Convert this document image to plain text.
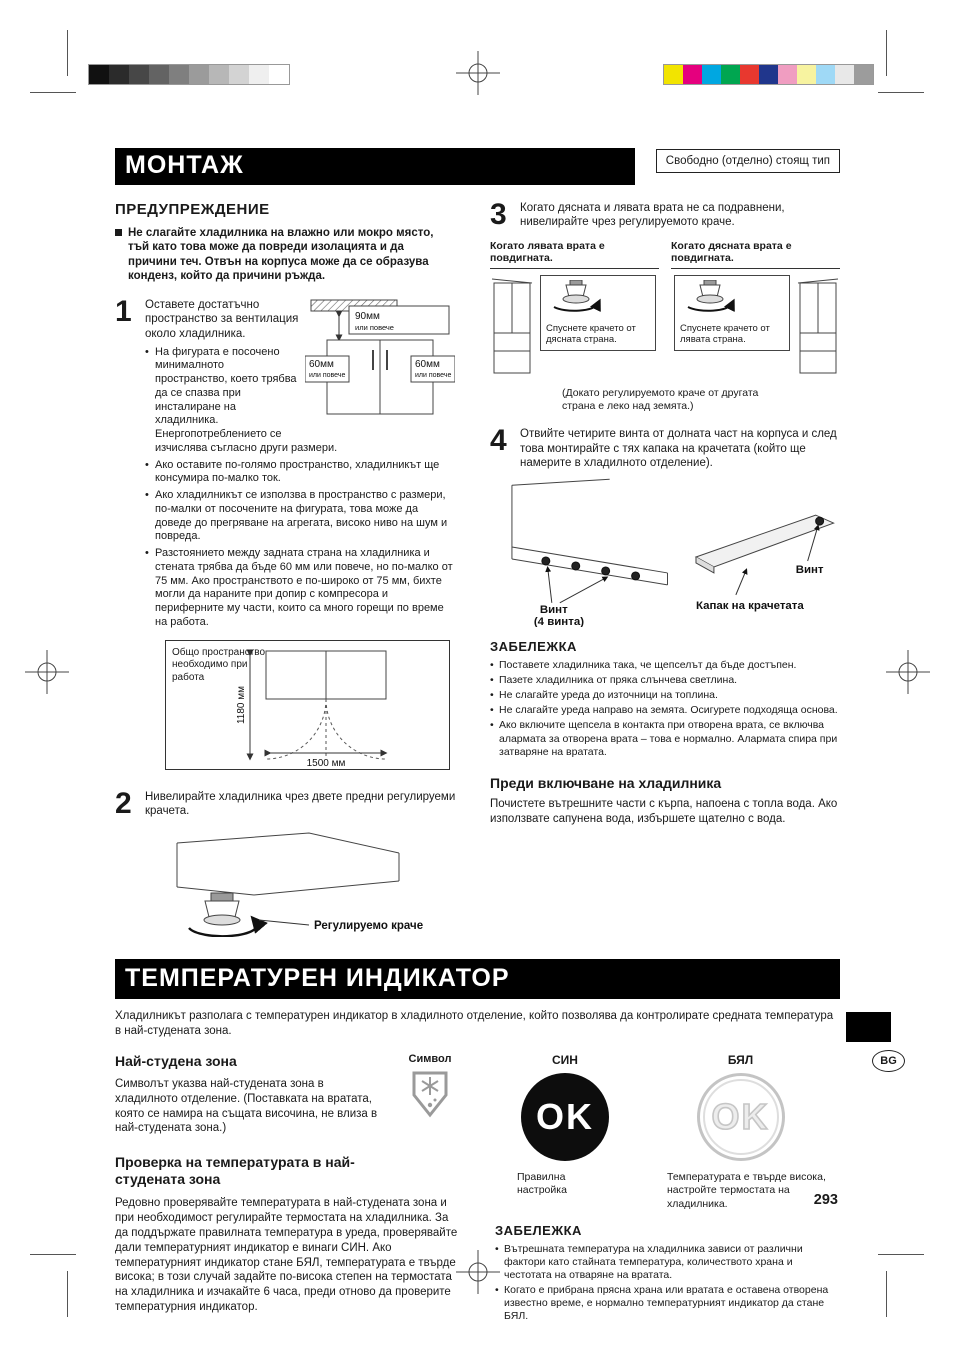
МОНТАЖ	Свободно (отделно) стоящ тип
ПРЕДУПРЕЖДЕНИЕ
Не слагайте хладилника на влажно или мокро място, тъй като това може да повреди изолацията и да причини теч. Отвън на корпуса може да се образува конденз, който да причини ръжда.
1	90мм
или повече
60мм
или повече
60мм
или повече

Оставете достатъчно пространство за вентилация около хладилника.

• На фигурата е посочено минималното пространство, което трябва да се спазва при инсталиране на хладилника. Енергопотреблението се изчислява съгласно други размери.
• Ако оставите по-голямо пространство, хладилникът ще консумира по-малко ток.
• Ако хладилникът се използва в пространство с размери, по-малки от посочените на фигурата, това може да доведе до прегряване на агрегата, високо ниво на шум и повреда.
• Разстоянието между задната страна на хладилника и стената трябва да бъде 60 мм или повече, но по-малко от 75 мм. Ако пространството е по-широко от 75 мм, бихте могли да нараните при допир с компресора и периферните му части, които са много горещи по време на работа.
Общо пространство необходимо при работа
1180 мм
1500 мм
2	Нивелирайте хладилника чрез двете предни регулируеми крачета.

Регулируемо краче
3	Когато дясната и лявата врата не са подравнени, нивелирайте чрез регулируемото краче.

Когато лявата врата е повдигната.
Спуснете крачето от дясната страна.
Когато дясната врата е повдигната.
Спуснете крачето от лявата страна.

(Докато регулируемото краче от другата страна е леко над земята.)

4	Отвийте четирите винта от долната част на корпуса и след това монтирайте с тях капака на крачетата (който ще намерите в хладилното отделение).

Винт
(4 винта)
Винт
Капак на крачетата
ЗАБЕЛЕЖКА
• Поставете хладилника така, че щепселът да бъде достъпен.
• Пазете хладилника от пряка слънчева светлина.
• Не слагайте уреда до източници на топлина.
• Не слагайте уреда направо на земята. Осигурете подходяща основа.
• Ако включите щепсела в контакта при отворена врата, се включва алармата за отворена врата – това е нормално. Алармата спира при затваряне на вратата.
Преди включване на хладилника

Почистете вътрешните части с кърпа, напоена с топла вода. Ако използвате сапунена вода, избършете щателно с вода.

ТЕМПЕРАТУРЕН ИНДИКАТОР

Хладилникът разполага с температурен индикатор в хладилното отделение, който позволява да контролирате средната температура в най-студената зона.

Най-студена зона	Символ

Символът указва най-студената зона в хладилното отделение. (Поставката на вратата, която се намира на същата височина, не влиза в най-студената зона.)

Проверка на температурата в най-студената зона

Редовно проверявайте температурата в най-студената зона и при необходимост регулирайте термостата на хладилника. За да поддържате правилната температура в уреда, проверявайте дали температурният индикатор е винаги СИН. Ако температурният индикатор стане БЯЛ, температурата е твърде висока; в този случай задайте по-висока степен на термостата на хладилника и изчакайте 6 часа, преди отново да проверите температурния индикатор.

СИН
OK
Правилна настройка
БЯЛ
OK
Температурата е твърде висока, настройте термостата на хладилника.
ЗАБЕЛЕЖКА
• Вътрешната температура на хладилника зависи от различни фактори като стайната температура, количеството храна и честотата на отваряне на вратата.
• Когато е прибрана прясна храна или вратата е оставена отворена известно време, е нормално температурният индикатор да стане БЯЛ.
BG
293
